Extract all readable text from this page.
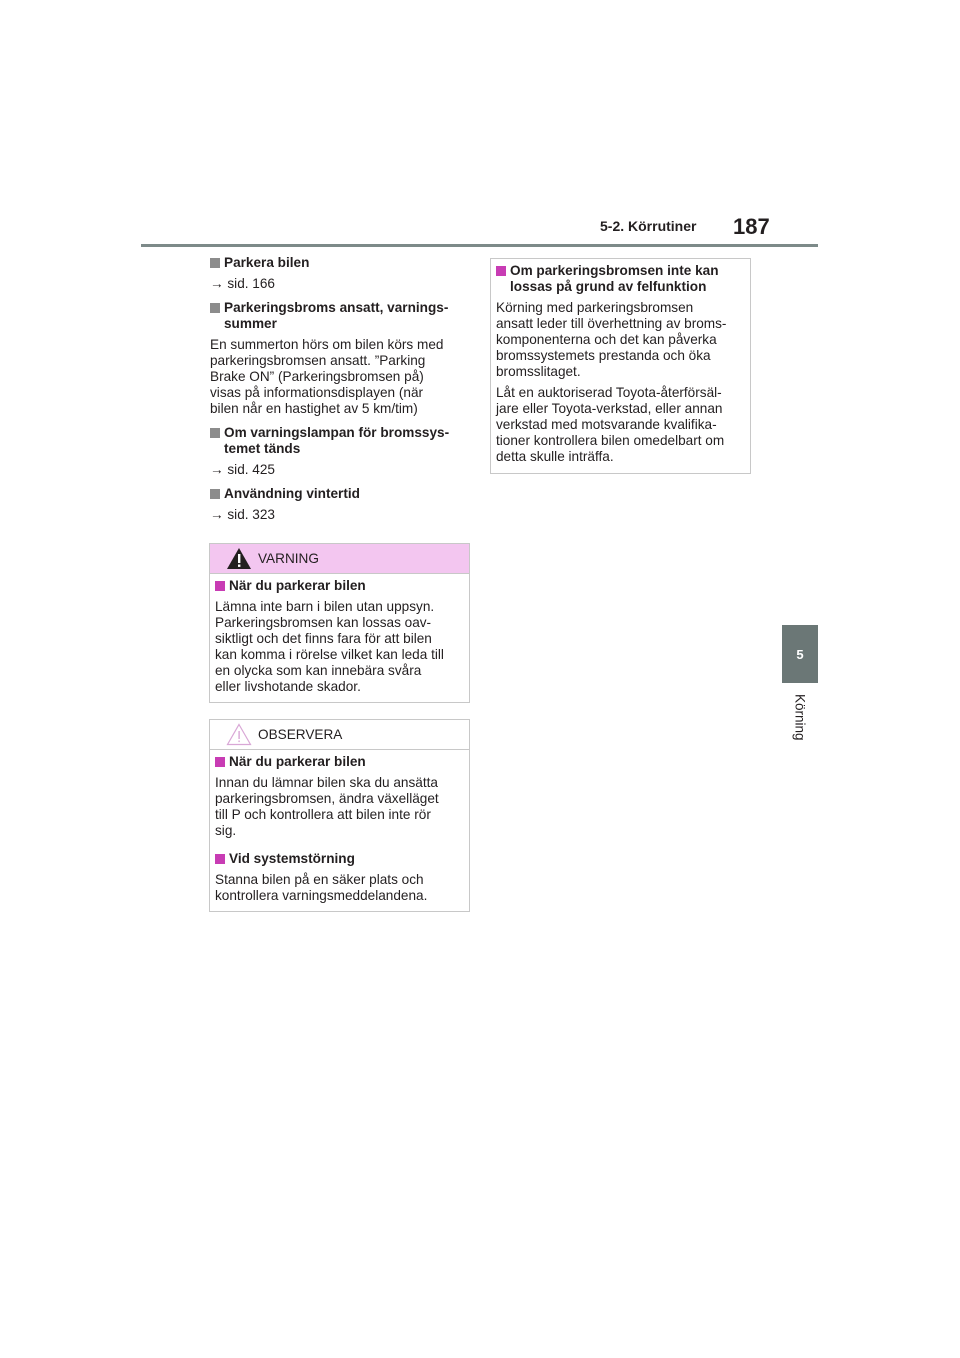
5-2. Körrutiner 187
5
Körning
Parkera bilen

→ sid. 166

Parkeringsbroms ansatt, varnings-
summer
En summerton hörs om bilen körs med
parkeringsbromsen ansatt. ”Parking
Brake ON” (Parkeringsbromsen på)
visas på informationsdisplayen (när
bilen når en hastighet av 5 km/tim)
Om varningslampan för bromssys-
temet tänds

→ sid. 425

Användning vintertid

→ sid. 323

VARNING
När du parkerar bilen
Lämna inte barn i bilen utan uppsyn.
Parkeringsbromsen kan lossas oav-
siktligt och det finns fara för att bilen
kan komma i rörelse vilket kan leda till
en olycka som kan innebära svåra
eller livshotande skador.
OBSERVERA
När du parkerar bilen
Innan du lämnar bilen ska du ansätta
parkeringsbromsen, ändra växelläget
till P och kontrollera att bilen inte rör
sig.
Vid systemstörning
Stanna bilen på en säker plats och
kontrollera varningsmeddelandena.
Om parkeringsbromsen inte kan
lossas på grund av felfunktion
Körning med parkeringsbromsen
ansatt leder till överhettning av broms-
komponenterna och det kan påverka
bromssystemets prestanda och öka
bromsslitaget.
Låt en auktoriserad Toyota-återförsäl-
jare eller Toyota-verkstad, eller annan
verkstad med motsvarande kvalifika-
tioner kontrollera bilen omedelbart om
detta skulle inträffa.
